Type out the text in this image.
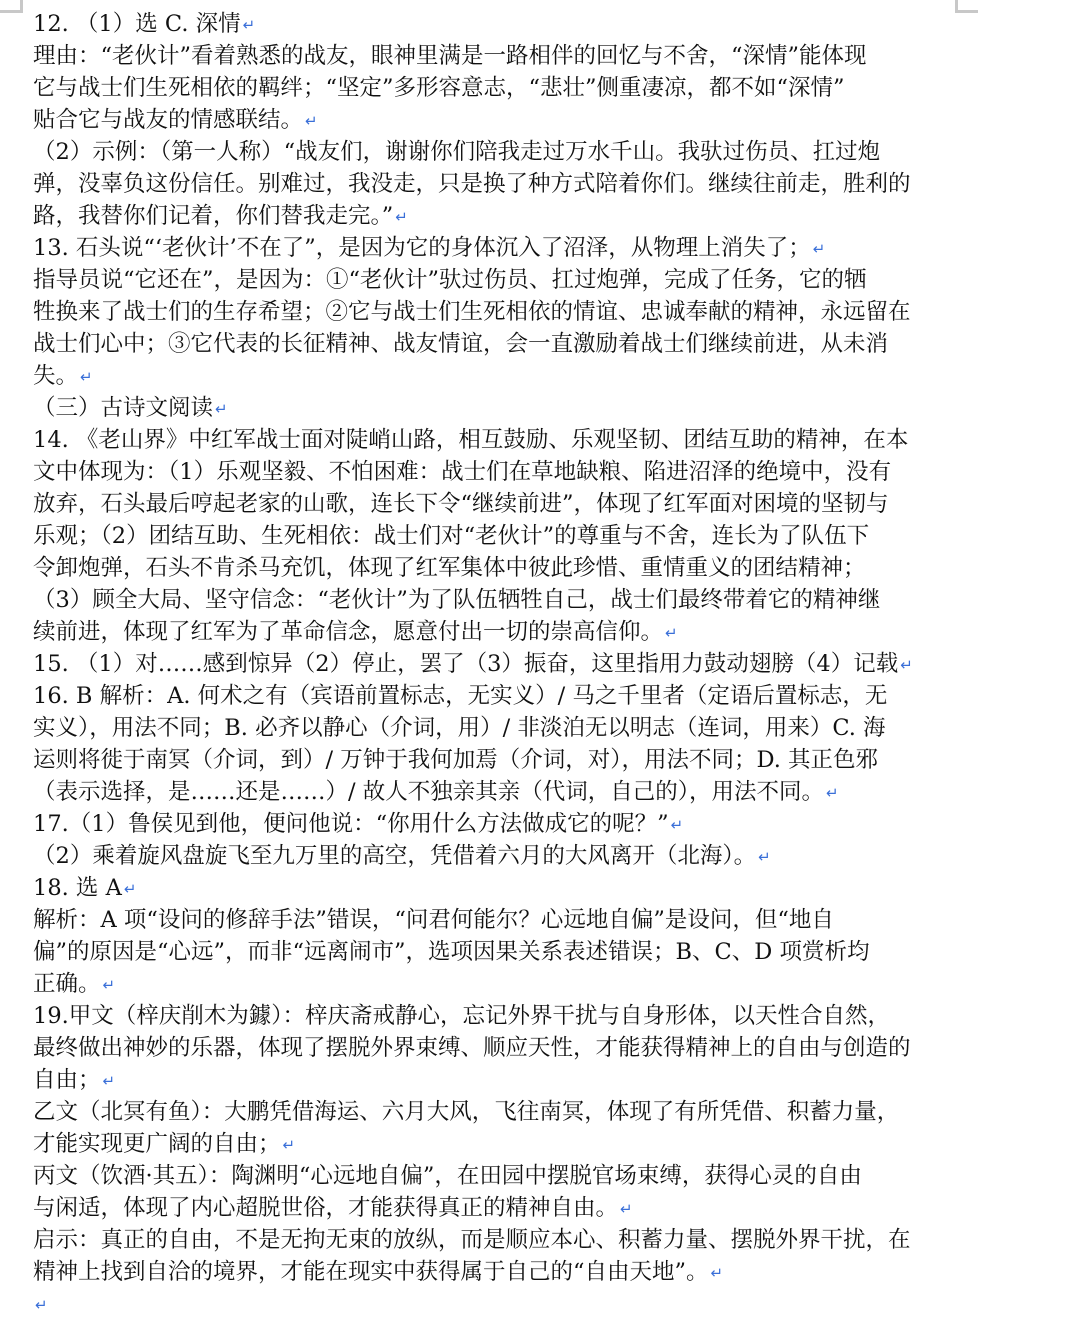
12. （1）选 C. 深情 ↵
理由：“老伙计”看着熟悉的战友，眼神里满是一路相伴的回忆与不舍，“深情”能体现
它与战士们生死相依的羁绊；“坚定”多形容意志，“悲壮”侧重凄凉，都不如“深情”
贴合它与战友的情感联结。 ↵
（2）示例：（第一人称）“战友们，谢谢你们陪我走过万水千山。我驮过伤员、扛过炮
弹，没辜负这份信任。别难过，我没走，只是换了种方式陪着你们。继续往前走，胜利的
路，我替你们记着，你们替我走完。” ↵
13. 石头说“‘老伙计’不在了”，是因为它的身体沉入了沼泽，从物理上消失了； ↵
指导员说“它还在”，是因为：①“老伙计”驮过伤员、扛过炮弹，完成了任务，它的牺
牲换来了战士们的生存希望；②它与战士们生死相依的情谊、忠诚奉献的精神，永远留在
战士们心中；③它代表的长征精神、战友情谊，会一直激励着战士们继续前进，从未消
失。 ↵
（三）古诗文阅读 ↵
14. 《老山界》中红军战士面对陡峭山路，相互鼓励、乐观坚韧、团结互助的精神，在本
文中体现为：（1）乐观坚毅、不怕困难：战士们在草地缺粮、陷进沼泽的绝境中，没有
放弃，石头最后哼起老家的山歌，连长下令“继续前进”，体现了红军面对困境的坚韧与
乐观；（2）团结互助、生死相依：战士们对“老伙计”的尊重与不舍，连长为了队伍下
令卸炮弹，石头不肯杀马充饥，体现了红军集体中彼此珍惜、重情重义的团结精神；
（3）顾全大局、坚守信念：“老伙计”为了队伍牺牲自己，战士们最终带着它的精神继
续前进，体现了红军为了革命信念，愿意付出一切的崇高信仰。 ↵
15. （1）对……感到惊异（2）停止，罢了（3）振奋，这里指用力鼓动翅膀（4）记载 ↵
16. B 解析：A. 何术之有（宾语前置标志，无实义）/ 马之千里者（定语后置标志，无
实义），用法不同；B. 必齐以静心（介词，用）/ 非淡泊无以明志（连词，用来）C. 海
运则将徙于南冥（介词，到）/ 万钟于我何加焉（介词，对），用法不同；D. 其正色邪
（表示选择，是……还是……）/ 故人不独亲其亲（代词，自己的），用法不同。 ↵
17.（1）鲁侯见到他，便问他说：“你用什么方法做成它的呢？” ↵
（2）乘着旋风盘旋飞至九万里的高空，凭借着六月的大风离开（北海）。 ↵
18. 选 A ↵
解析：A 项“设问的修辞手法”错误，“问君何能尔？心远地自偏”是设问，但“地自
偏”的原因是“心远”，而非“远离闹市”，选项因果关系表述错误；B、C、D 项赏析均
正确。 ↵
19.甲文（梓庆削木为鐻）：梓庆斋戒静心，忘记外界干扰与自身形体，以天性合自然，
最终做出神妙的乐器，体现了摆脱外界束缚、顺应天性，才能获得精神上的自由与创造的
自由； ↵
乙文（北冥有鱼）：大鹏凭借海运、六月大风，飞往南冥，体现了有所凭借、积蓄力量，
才能实现更广阔的自由； ↵
丙文（饮酒·其五）：陶渊明“心远地自偏”，在田园中摆脱官场束缚，获得心灵的自由
与闲适，体现了内心超脱世俗，才能获得真正的精神自由。 ↵
启示：真正的自由，不是无拘无束的放纵，而是顺应本心、积蓄力量、摆脱外界干扰，在
精神上找到自洽的境界，才能在现实中获得属于自己的“自由天地”。 ↵
↵
